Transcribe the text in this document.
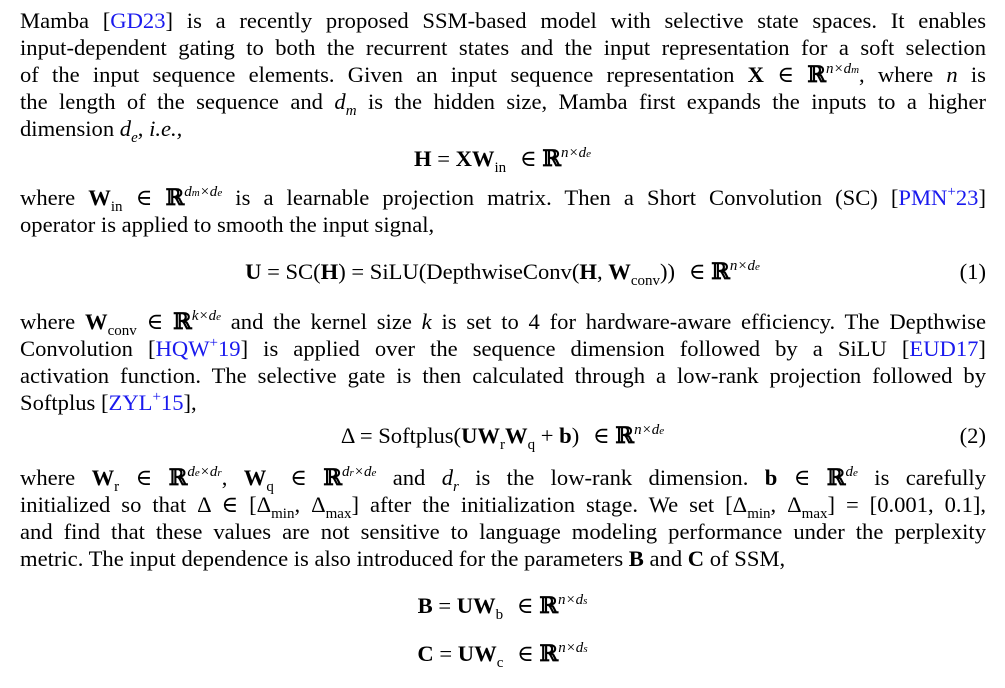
Mamba [GD23] is a recently proposed SSM-based model with selective state spaces. It enables
input-dependent gating to both the recurrent states and the input representation for a soft selection
of the input sequence elements. Given an input sequence representation X ∈ ℝ$^{n\times dm}$, where n is
the length of the sequence and $d_m$ is the hidden size, Mamba first expands the inputs to a higher
dimension $d_e$, i.e.,
$H = XW_{in}$ ∈ ℝ$^{n\times de}$
where $W_{in}$ ∈ ℝ$^{dm\times de}$ is a learnable projection matrix. Then a Short Convolution (SC) [PMN+23]
operator is applied to smooth the input signal,
U = SC(H) = SiLU(DepthwiseConv(H, $W_{conv}$)) ∈ ℝ$^{n\times de}$	(1)
where $W_{conv}$ ∈ ℝ$^{k\times de}$ and the kernel size k is set to 4 for hardware-aware efficiency. The Depthwise
Convolution [HQW+19] is applied over the sequence dimension followed by a SiLU [EUD17]
activation function. The selective gate is then calculated through a low-rank projection followed by
Softplus [ZYL+15],
$\Delta = Softplus(UW_rW_q + b)$ ∈ ℝ$^{n\times de}$	(2)
where $W_r$ ∈ ℝ$^{de\times dr}$, $W_q$ ∈ ℝ$^{dr\times de}$ and $d_r$ is the low-rank dimension. b ∈ ℝ$^{de}$ is carefully
initialized so that Δ ∈ [$\Delta_{min}$, $\Delta_{max}$] after the initialization stage. We set [$\Delta_{min}$, $\Delta_{max}] = [0.001$, 0.1],
and find that these values are not sensitive to language modeling performance under the perplexity
metric. The input dependence is also introduced for the parameters B and C of SSM,
$B = UW_b$ ∈ ℝ$^{n\times ds}$
$C = UW_c$ ∈ ℝ$^{n\times ds}$
